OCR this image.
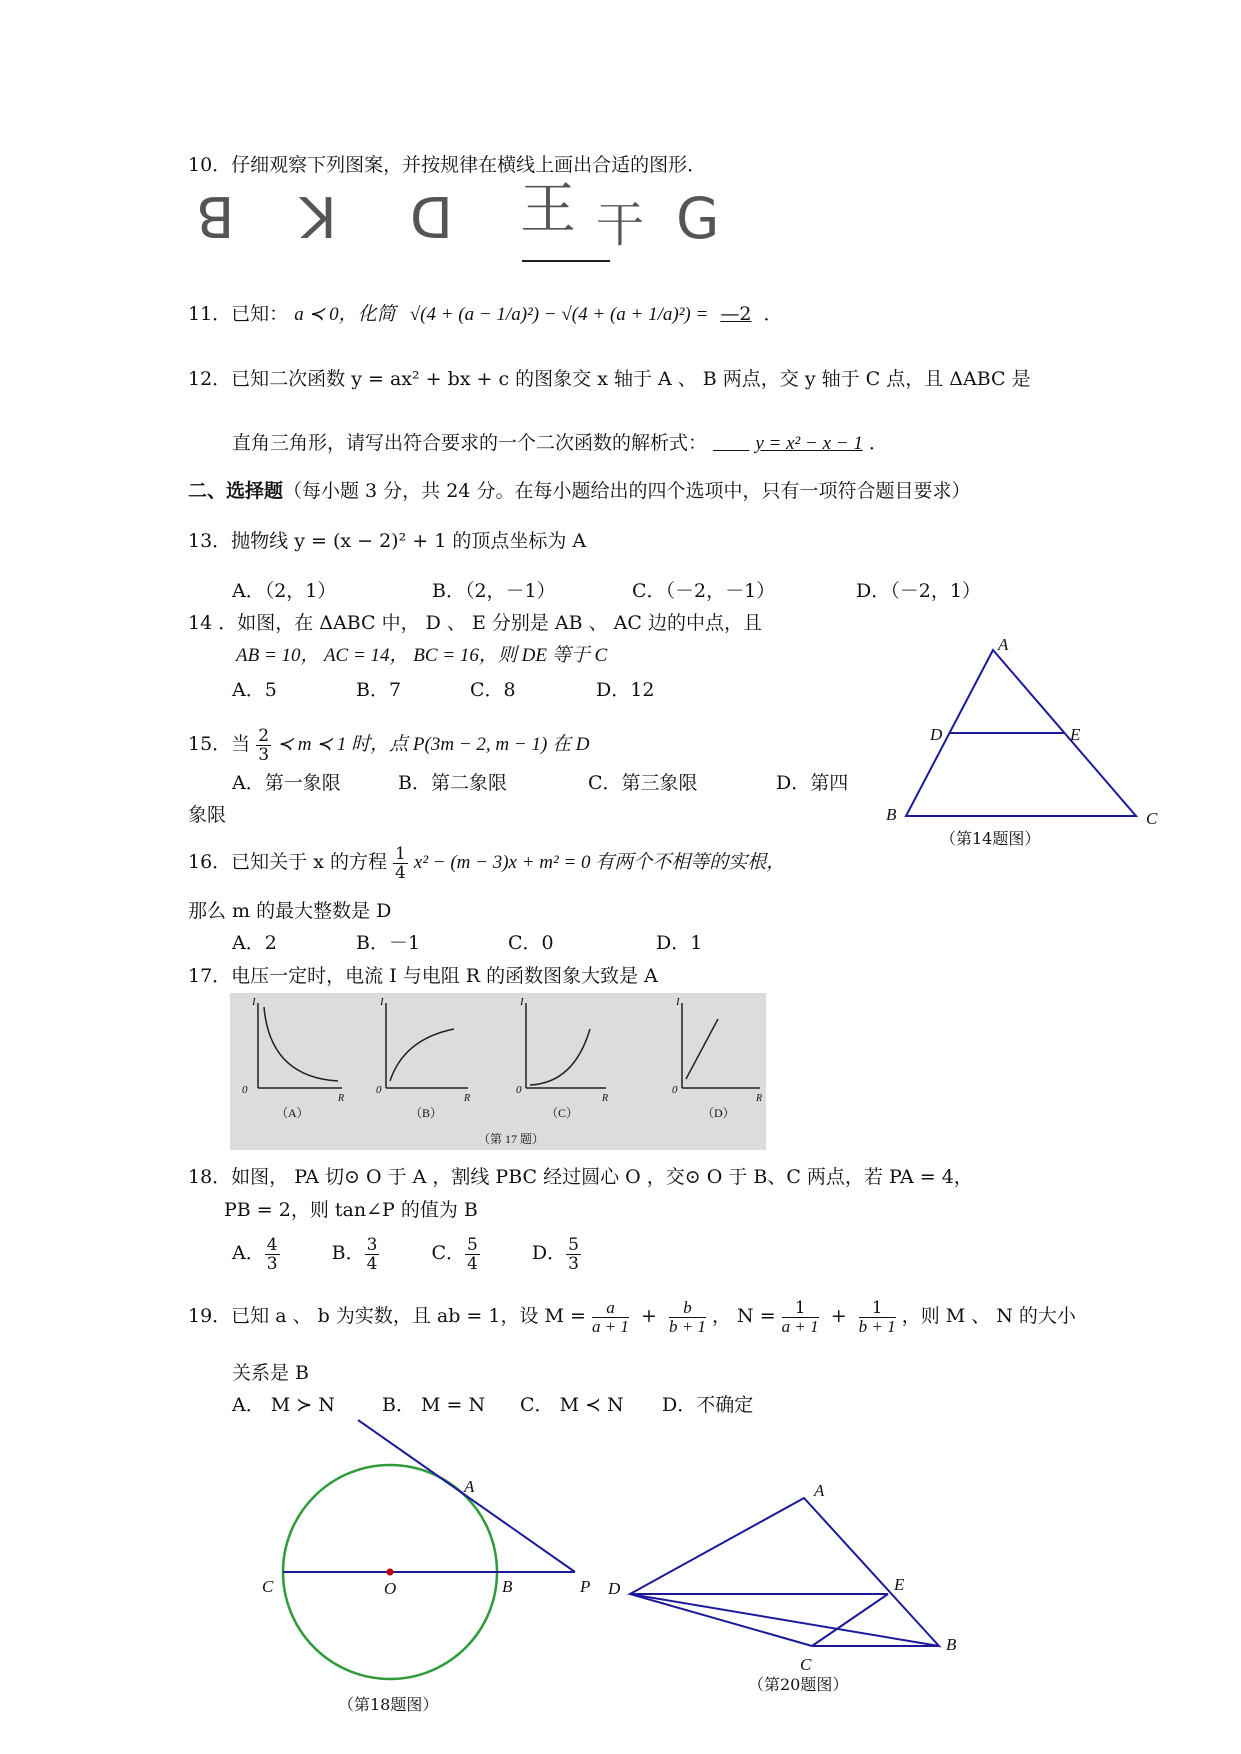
10．仔细观察下列图案，并按规律在横线上画出合适的图形．
ꓭ ꓘ ꓷ 王 干 ꓖ
11．已知： a ≺ 0，化简 √(4 + (a − 1/a)²) − √(4 + (a + 1/a)²) = —2 ．
12．已知二次函数 y = ax² + bx + c 的图象交 x 轴于 A 、 B 两点，交 y 轴于 C 点，且 ΔABC 是
直角三角形，请写出符合要求的一个二次函数的解析式：	y = x² − x − 1 ．
二、选择题（每小题 3 分，共 24 分。在每小题给出的四个选项中，只有一项符合题目要求）
13．抛物线 y = (x − 2)² + 1 的顶点坐标为 A
A．（2，1）	B．（2，－1）	C．（－2，－1）	D．（－2，1）
14 ．如图，在 ΔABC 中， D 、 E 分别是 AB 、 AC 边的中点，且
AB = 10， AC = 14， BC = 16，则 DE 等于 C
A．5	B．7	C．8	D．12
A
D	E
B	C
（第14题图）
15．当 $\frac{2}{3}$ ≺ m ≺ 1 时，点 P(3m − 2, m − 1) 在 D
A．第一象限	B．第二象限	C．第三象限	D．第四
象限
16．已知关于 x 的方程 $\frac{1}{4} x^2 - (m - 3)x + m^2 = 0$ 有两个不相等的实根，
那么 m 的最大整数是 D
A．2	B．－1	C．0	D．1
17．电压一定时，电流 I 与电阻 R 的函数图象大致是 A
I	I	I	I
R	R	R	R
0	0	0	0
（A）	（B）	（C）	（D）
（第 17 题）
18．如图， PA 切⊙ O 于 A ，割线 PBC 经过圆心 O ，交⊙ O 于 B、C 两点，若 PA = 4，
PB = 2，则 tan∠P 的值为 B
A． $\frac{4}{3}$	B． $\frac{3}{4}$	C． $\frac{5}{4}$	D． $\frac{5}{3}$
19．已知 a 、 b 为实数，且 ab = 1，设 $M = \frac{a}{a + 1} + \frac{b}{b + 1}$ ， $N = \frac{1}{a + 1} + \frac{1}{b + 1}$ ，则 M 、 N 的大小
关系是 B
A． M ≻ N B． M = N C． M ≺ N D．不确定
A
C	O	B	P
（第18题图）
A
D	E
B
C
（第20题图）
